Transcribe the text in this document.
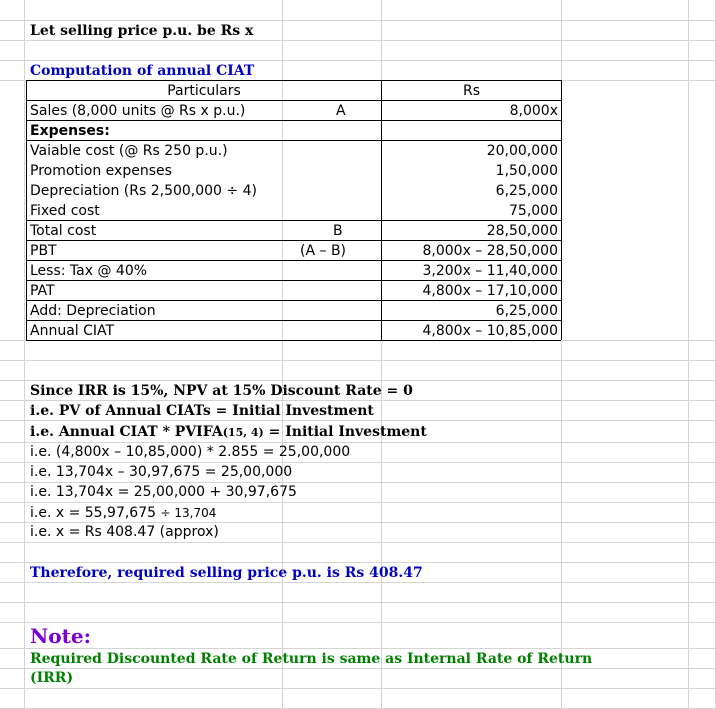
Let selling price p.u. be Rs x
Computation of annual CIAT
Particulars	Rs
Sales (8,000 units @ Rs x p.u.)	A	8,000x
Expenses:
Vaiable cost (@ Rs 250 p.u.)	20,00,000
Promotion expenses	1,50,000
Depreciation (Rs 2,500,000 ÷ 4)	6,25,000
Fixed cost	75,000
Total cost	B	28,50,000
PBT	(A – B)	8,000x – 28,50,000
Less: Tax @ 40%	3,200x – 11,40,000
PAT	4,800x – 17,10,000
Add: Depreciation	6,25,000
Annual CIAT	4,800x – 10,85,000
Since IRR is 15%, NPV at 15% Discount Rate = 0
i.e. PV of Annual CIATs = Initial Investment
i.e. Annual CIAT * PVIFA(15, 4) = Initial Investment
i.e. (4,800x – 10,85,000) * 2.855 = 25,00,000
i.e. 13,704x – 30,97,675 = 25,00,000
i.e. 13,704x = 25,00,000 + 30,97,675
i.e. x = 55,97,675 ÷ 13,704
i.e. x = Rs 408.47 (approx)
Therefore, required selling price p.u. is Rs 408.47
Note:
Required Discounted Rate of Return is same as Internal Rate of Return
(IRR)
